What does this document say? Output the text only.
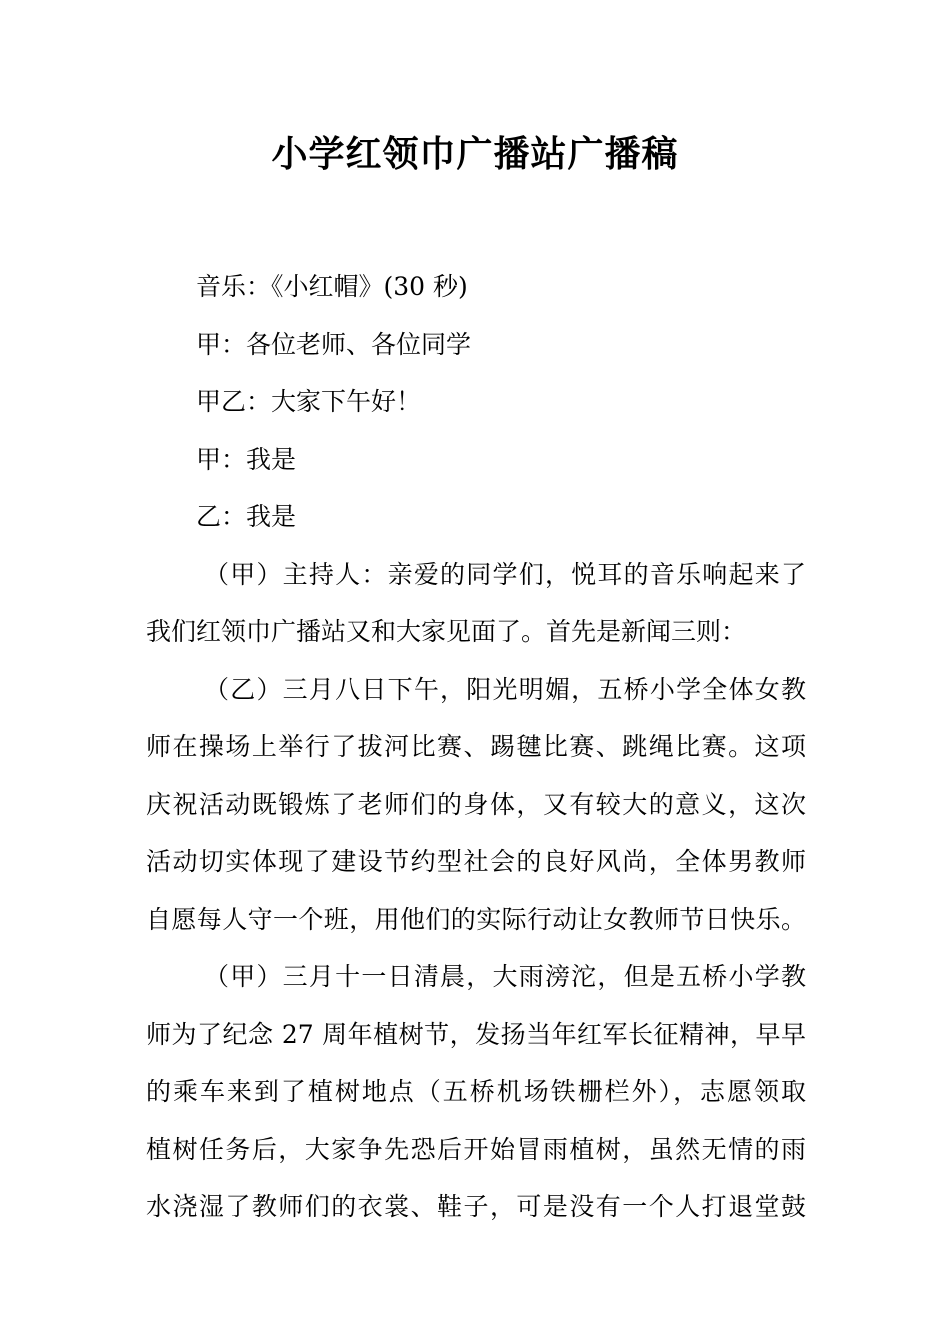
小学红领巾广播站广播稿

音乐：《小红帽》(30 秒)

甲：各位老师、各位同学

甲乙：大家下午好！

甲：我是

乙：我是

（甲）主持人：亲爱的同学们，悦耳的音乐响起来了

我们红领巾广播站又和大家见面了。首先是新闻三则：

（乙）三月八日下午，阳光明媚，五桥小学全体女教

师在操场上举行了拔河比赛、踢毽比赛、跳绳比赛。这项

庆祝活动既锻炼了老师们的身体，又有较大的意义，这次

活动切实体现了建设节约型社会的良好风尚，全体男教师

自愿每人守一个班，用他们的实际行动让女教师节日快乐。

（甲）三月十一日清晨，大雨滂沱，但是五桥小学教

师为了纪念 27 周年植树节，发扬当年红军长征精神，早早

的乘车来到了植树地点（五桥机场铁栅栏外），志愿领取

植树任务后，大家争先恐后开始冒雨植树，虽然无情的雨

水浇湿了教师们的衣裳、鞋子，可是没有一个人打退堂鼓
